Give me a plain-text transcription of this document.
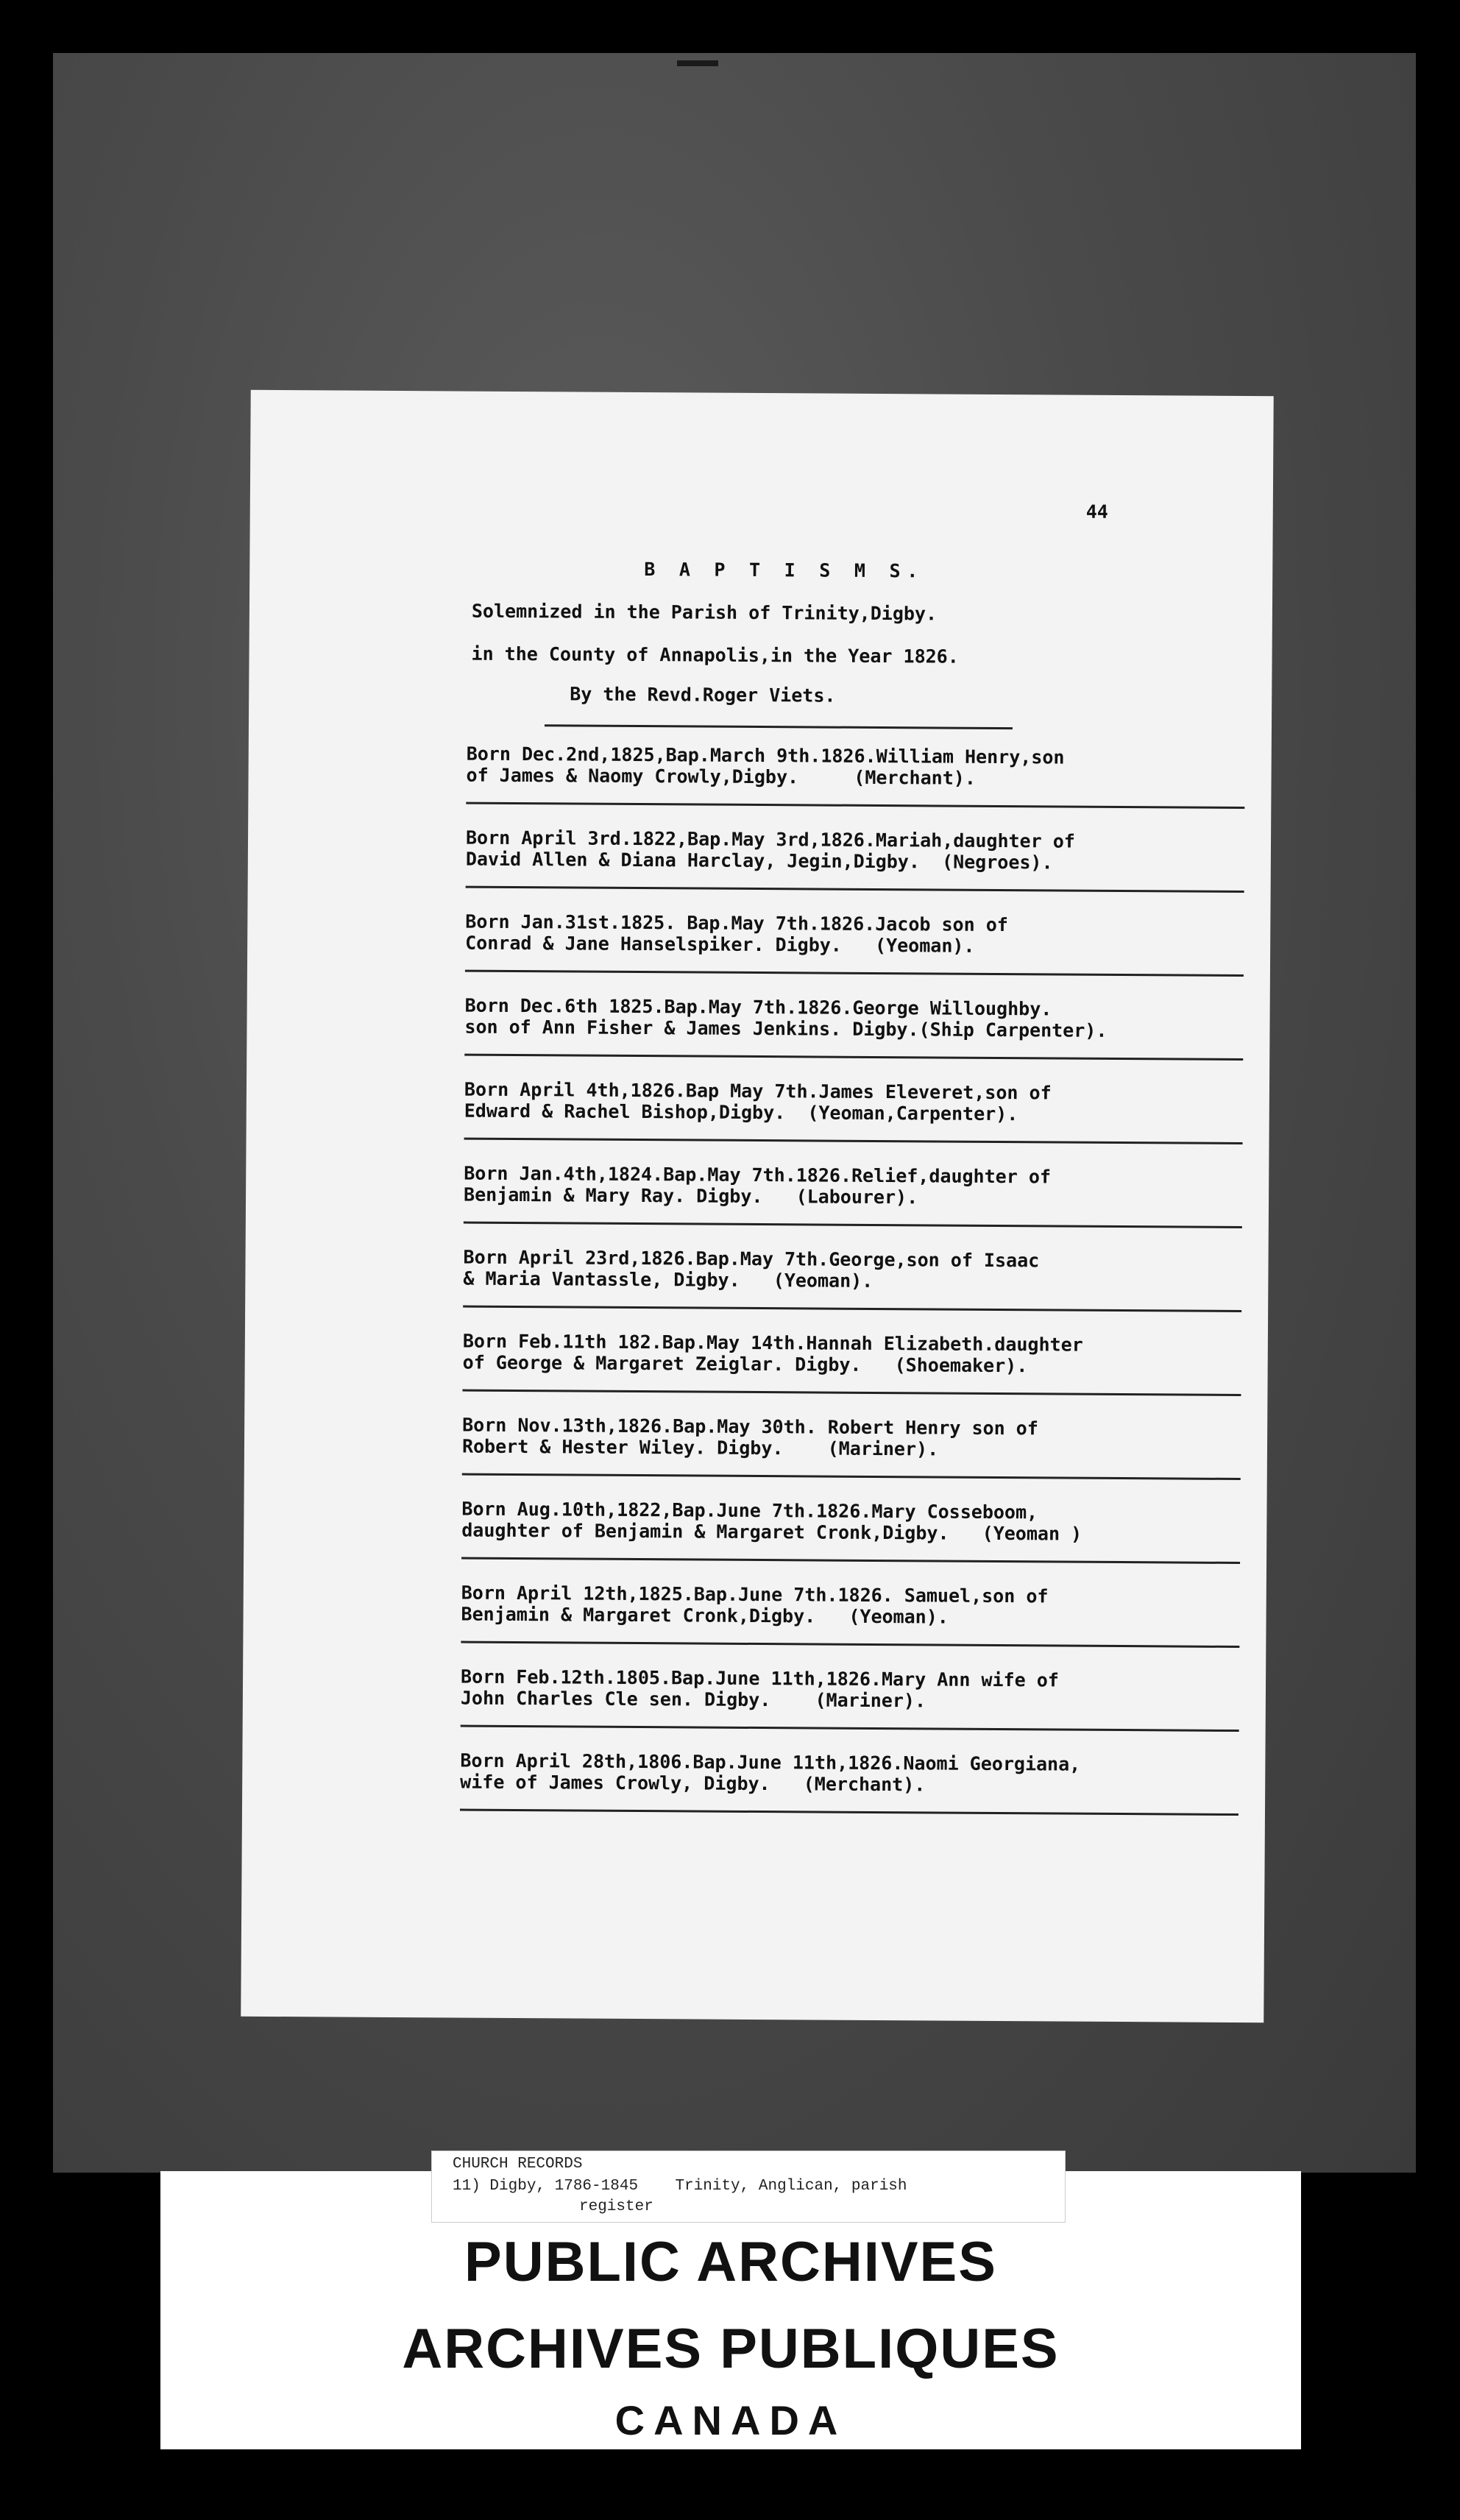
44
B A P T I S M S.
Solemnized in the Parish of Trinity,Digby.
in the County of Annapolis,in the Year 1826.
By the Revd.Roger Viets.
Born Dec.2nd,1825,Bap.March 9th.1826.William Henry,son
of James & Naomy Crowly,Digby.     (Merchant).
Born April 3rd.1822,Bap.May 3rd,1826.Mariah,daughter of
David Allen & Diana Harclay, Jegin,Digby.  (Negroes).
Born Jan.31st.1825. Bap.May 7th.1826.Jacob son of
Conrad & Jane Hanselspiker. Digby.   (Yeoman).
Born Dec.6th 1825.Bap.May 7th.1826.George Willoughby.
son of Ann Fisher & James Jenkins. Digby.(Ship Carpenter).
Born April 4th,1826.Bap May 7th.James Eleveret,son of
Edward & Rachel Bishop,Digby.  (Yeoman,Carpenter).
Born Jan.4th,1824.Bap.May 7th.1826.Relief,daughter of
Benjamin & Mary Ray. Digby.   (Labourer).
Born April 23rd,1826.Bap.May 7th.George,son of Isaac
& Maria Vantassle, Digby.   (Yeoman).
Born Feb.11th 182.Bap.May 14th.Hannah Elizabeth.daughter
of George & Margaret Zeiglar. Digby.   (Shoemaker).
Born Nov.13th,1826.Bap.May 30th. Robert Henry son of
Robert & Hester Wiley. Digby.    (Mariner).
Born Aug.10th,1822,Bap.June 7th.1826.Mary Cosseboom,
daughter of Benjamin & Margaret Cronk,Digby.   (Yeoman )
Born April 12th,1825.Bap.June 7th.1826. Samuel,son of
Benjamin & Margaret Cronk,Digby.   (Yeoman).
Born Feb.12th.1805.Bap.June 11th,1826.Mary Ann wife of
John Charles Cle sen. Digby.    (Mariner).
Born April 28th,1806.Bap.June 11th,1826.Naomi Georgiana,
wife of James Crowly, Digby.   (Merchant).
CHURCH RECORDS
11) Digby, 1786-1845    Trinity, Anglican, parish
register
PUBLIC ARCHIVES
ARCHIVES PUBLIQUES
CANADA
